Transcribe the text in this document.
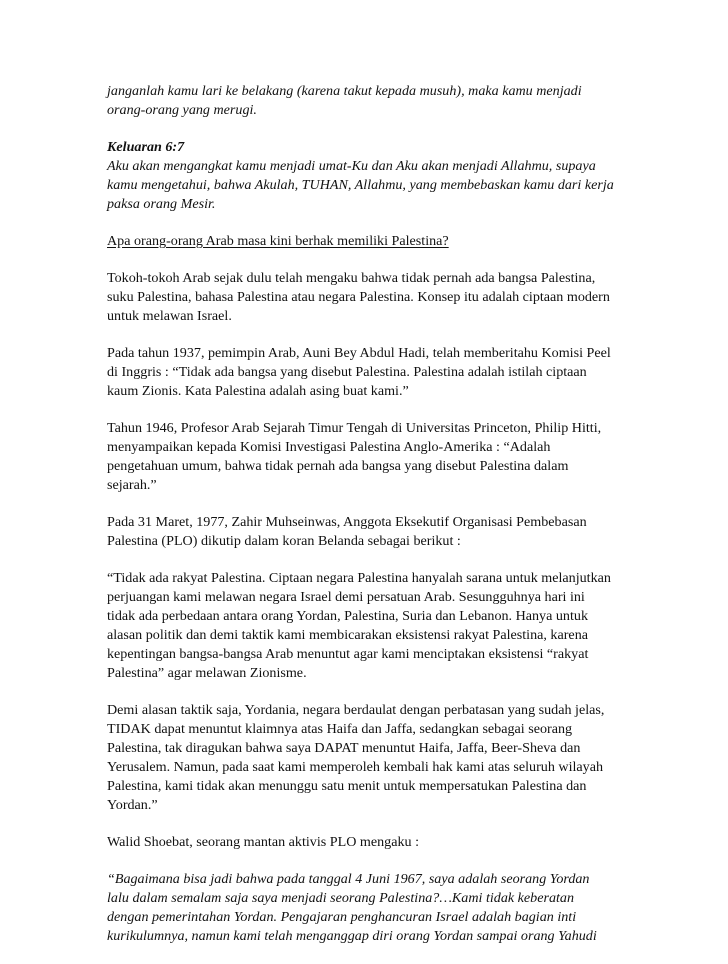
janganlah kamu lari ke belakang (karena takut kepada musuh), maka kamu menjadi
orang-orang yang merugi.

Keluaran 6:7
Aku akan mengangkat kamu menjadi umat-Ku dan Aku akan menjadi Allahmu, supaya
kamu mengetahui, bahwa Akulah, TUHAN, Allahmu, yang membebaskan kamu dari kerja
paksa orang Mesir.

Apa orang-orang Arab masa kini berhak memiliki Palestina?

Tokoh-tokoh Arab sejak dulu telah mengaku bahwa tidak pernah ada bangsa Palestina,
suku Palestina, bahasa Palestina atau negara Palestina. Konsep itu adalah ciptaan modern
untuk melawan Israel.

Pada tahun 1937, pemimpin Arab, Auni Bey Abdul Hadi, telah memberitahu Komisi Peel
di Inggris : “Tidak ada bangsa yang disebut Palestina. Palestina adalah istilah ciptaan
kaum Zionis. Kata Palestina adalah asing buat kami.”

Tahun 1946, Profesor Arab Sejarah Timur Tengah di Universitas Princeton, Philip Hitti,
menyampaikan kepada Komisi Investigasi Palestina Anglo-Amerika : “Adalah
pengetahuan umum, bahwa tidak pernah ada bangsa yang disebut Palestina dalam
sejarah.”

Pada 31 Maret, 1977, Zahir Muhseinwas, Anggota Eksekutif Organisasi Pembebasan
Palestina (PLO) dikutip dalam koran Belanda sebagai berikut :

“Tidak ada rakyat Palestina. Ciptaan negara Palestina hanyalah sarana untuk melanjutkan
perjuangan kami melawan negara Israel demi persatuan Arab. Sesungguhnya hari ini
tidak ada perbedaan antara orang Yordan, Palestina, Suria dan Lebanon. Hanya untuk
alasan politik dan demi taktik kami membicarakan eksistensi rakyat Palestina, karena
kepentingan bangsa-bangsa Arab menuntut agar kami menciptakan eksistensi “rakyat
Palestina” agar melawan Zionisme.

Demi alasan taktik saja, Yordania, negara berdaulat dengan perbatasan yang sudah jelas,
TIDAK dapat menuntut klaimnya atas Haifa dan Jaffa, sedangkan sebagai seorang
Palestina, tak diragukan bahwa saya DAPAT menuntut Haifa, Jaffa, Beer-Sheva dan
Yerusalem. Namun, pada saat kami memperoleh kembali hak kami atas seluruh wilayah
Palestina, kami tidak akan menunggu satu menit untuk mempersatukan Palestina dan
Yordan.”

Walid Shoebat, seorang mantan aktivis PLO mengaku :

“Bagaimana bisa jadi bahwa pada tanggal 4 Juni 1967, saya adalah seorang Yordan
lalu dalam semalam saja saya menjadi seorang Palestina?…Kami tidak keberatan
dengan pemerintahan Yordan. Pengajaran penghancuran Israel adalah bagian inti
kurikulumnya, namun kami telah menganggap diri orang Yordan sampai orang Yahudi
